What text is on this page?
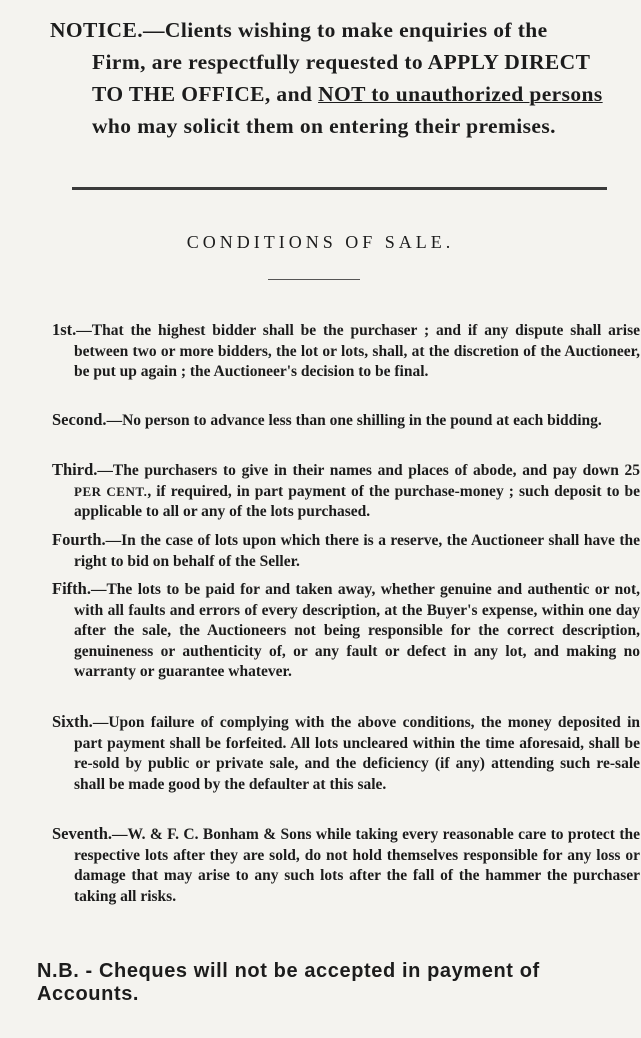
NOTICE.—Clients wishing to make enquiries of the
Firm, are respectfully requested to APPLY DIRECT
TO THE OFFICE, and NOT to unauthorized persons
who may solicit them on entering their premises.
CONDITIONS OF SALE.
1st.—That the highest bidder shall be the purchaser ; and if any dispute shall arise between two or more bidders, the lot or lots, shall, at the discretion of the Auctioneer, be put up again ; the Auctioneer's decision to be final.
Second.—No person to advance less than one shilling in the pound at each bidding.
Third.—The purchasers to give in their names and places of abode, and pay down 25 PER CENT., if required, in part payment of the purchase-money ; such deposit to be applicable to all or any of the lots purchased.
Fourth.—In the case of lots upon which there is a reserve, the Auctioneer shall have the right to bid on behalf of the Seller.
Fifth.—The lots to be paid for and taken away, whether genuine and authentic or not, with all faults and errors of every description, at the Buyer's expense, within one day after the sale, the Auctioneers not being responsible for the correct description, genuineness or authenticity of, or any fault or defect in any lot, and making no warranty or guarantee whatever.
Sixth.—Upon failure of complying with the above conditions, the money deposited in part payment shall be forfeited. All lots uncleared within the time aforesaid, shall be re-sold by public or private sale, and the deficiency (if any) attending such re-sale shall be made good by the defaulter at this sale.
Seventh.—W. & F. C. Bonham & Sons while taking every reasonable care to protect the respective lots after they are sold, do not hold themselves responsible for any loss or damage that may arise to any such lots after the fall of the hammer the purchaser taking all risks.
N.B. - Cheques will not be accepted in payment of Accounts.
